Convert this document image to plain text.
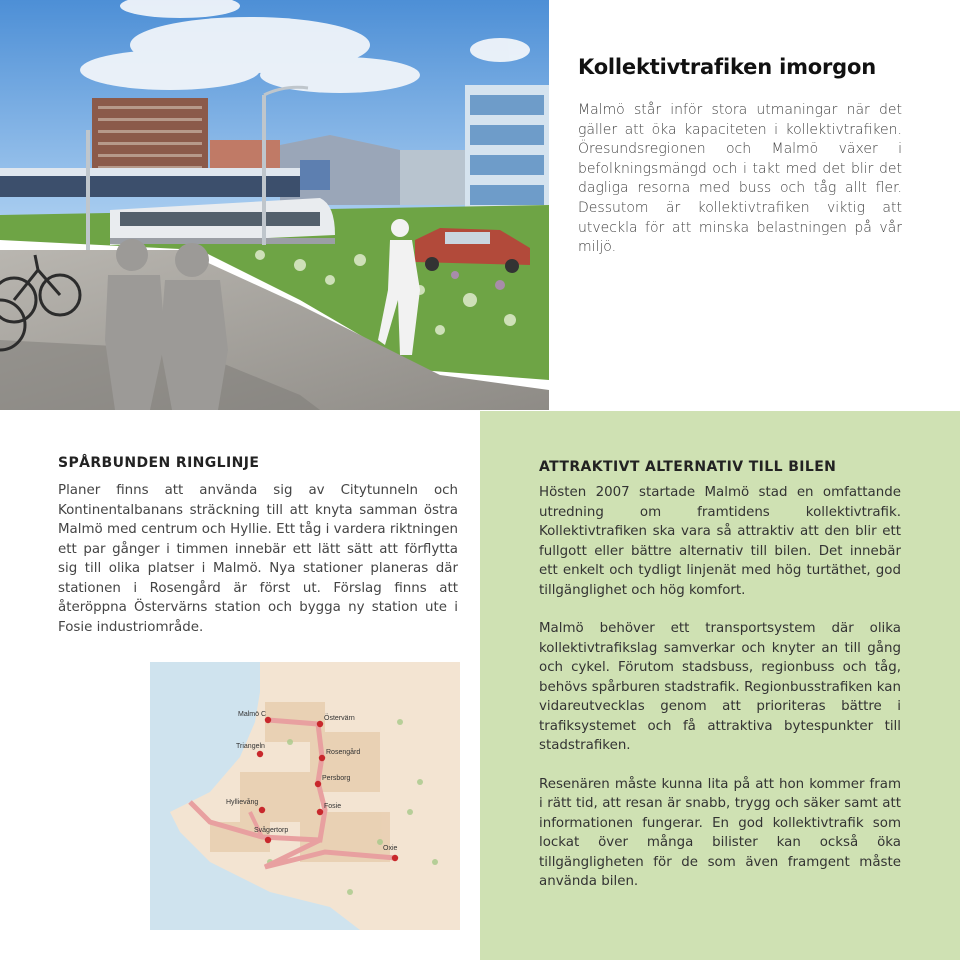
Kollektivtrafiken imorgon

Malmö står inför stora utmaningar när det gäller att öka kapaciteten i kollektivtrafiken. Öresundsregionen och Malmö växer i befolkningsmängd och i takt med det blir det dagliga resorna med buss och tåg allt fler. Dessutom är kollektivtrafiken viktig att utveckla för att minska belastningen på vår miljö.

SPÅRBUNDEN RINGLINJE

Planer finns att använda sig av Citytunneln och Kontinentalbanans sträckning till att knyta samman östra Malmö med centrum och Hyllie. Ett tåg i vardera riktningen ett par gånger i timmen innebär ett lätt sätt att förflytta sig till olika platser i Malmö. Nya stationer planeras där stationen i Rosengård är först ut. Förslag finns att återöppna Östervärns station och bygga ny station ute i Fosie industriområde.

Malmö C
Östervärn
Triangeln
Rosengård
Persborg
Hyllievång
Fosie
Svågertorp
Oxie
ATTRAKTIVT ALTERNATIV TILL BILEN

Hösten 2007 startade Malmö stad en omfattande utredning om framtidens kollektivtrafik. Kollektivtrafiken ska vara så attraktiv att den blir ett fullgott eller bättre alternativ till bilen. Det innebär ett enkelt och tydligt linjenät med hög turtäthet, god tillgänglighet och hög komfort.

Malmö behöver ett transportsystem där olika kollektivtrafikslag samverkar och knyter an till gång och cykel. Förutom stadsbuss, regionbuss och tåg, behövs spårburen stadstrafik. Regionbusstrafiken kan vidareutvecklas genom att prioriteras bättre i trafiksystemet och få attraktiva bytespunkter till stadstrafiken.

Resenären måste kunna lita på att hon kommer fram i rätt tid, att resan är snabb, trygg och säker samt att informationen fungerar. En god kollektivtrafik som lockat över många bilister kan också öka tillgängligheten för de som även framgent måste använda bilen.
